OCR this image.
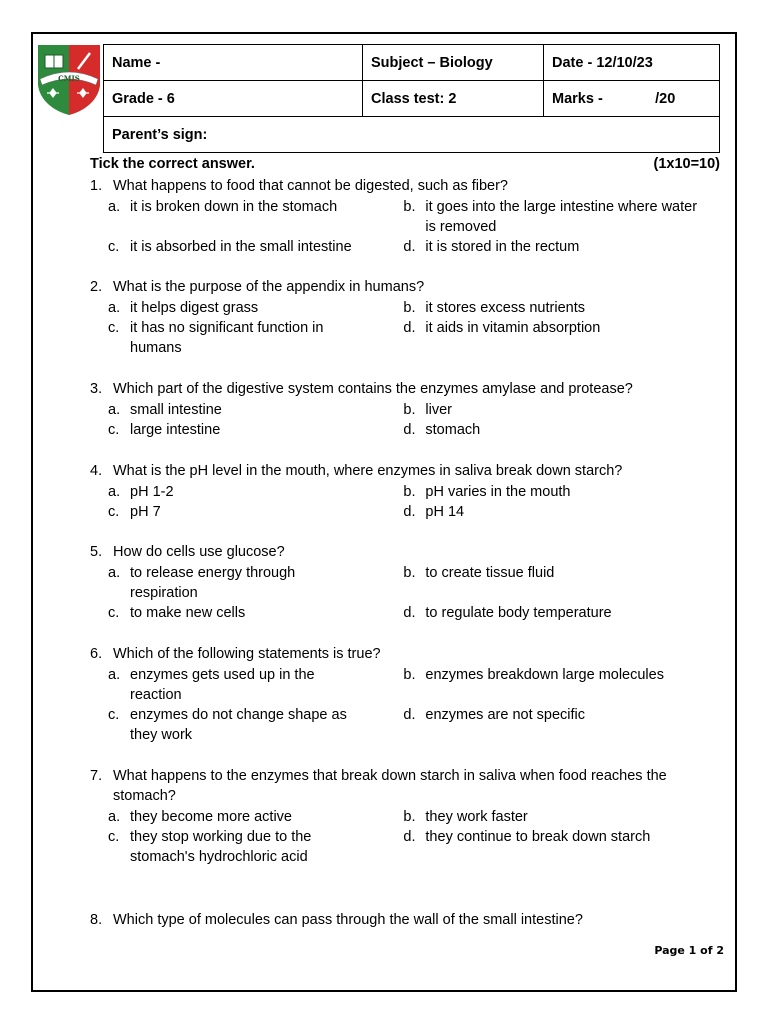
CMIS
Name -	Subject – Biology	Date - 12/10/23
Grade - 6	Class test: 2	Marks -             /20
Parent’s sign:		
Tick the correct answer.	(1x10=10)
1. What happens to food that cannot be digested, such as fiber?
a. it is broken down in the stomach	b. it goes into the large intestine where water is removed
c. it is absorbed in the small intestine	d. it is stored in the rectum
2. What is the purpose of the appendix in humans?
a. it helps digest grass	b. it stores excess nutrients
c. it has no significant function in humans
d. it aids in vitamin absorption
3. Which part of the digestive system contains the enzymes amylase and protease?
a. small intestine	b. liver
c. large intestine	d. stomach
4. What is the pH level in the mouth, where enzymes in saliva break down starch?
a. pH 1-2	b. pH varies in the mouth
c. pH 7	d. pH 14
5. How do cells use glucose?
a. to release energy through respiration
b. to create tissue fluid
c. to make new cells	d. to regulate body temperature
6. Which of the following statements is true?
a. enzymes gets used up in the reaction
b. enzymes breakdown large molecules
c. enzymes do not change shape as they work
d. enzymes are not specific
7. What happens to the enzymes that break down starch in saliva when food reaches the stomach?
a. they become more active	b. they work faster
c. they stop working due to the stomach's hydrochloric acid
d. they continue to break down starch
8. Which type of molecules can pass through the wall of the small intestine?
Page 1 of 2
